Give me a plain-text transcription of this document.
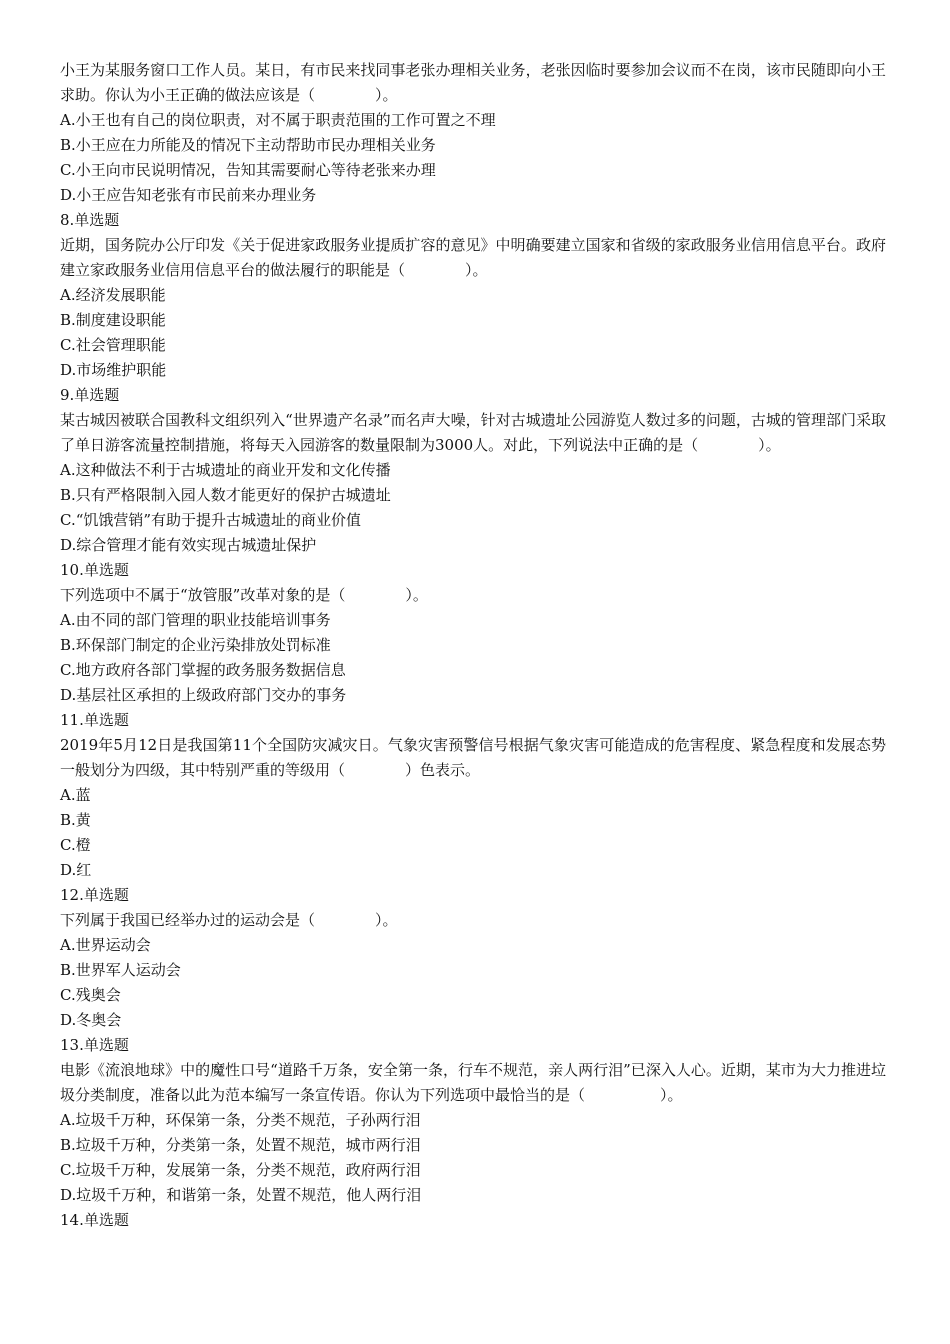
小王为某服务窗口工作人员。某日，有市民来找同事老张办理相关业务，老张因临时要参加会议而不在岗，该市民随即向小王求助。你认为小王正确的做法应该是（　　　　）。
A.小王也有自己的岗位职责，对不属于职责范围的工作可置之不理
B.小王应在力所能及的情况下主动帮助市民办理相关业务
C.小王向市民说明情况，告知其需要耐心等待老张来办理
D.小王应告知老张有市民前来办理业务
8.单选题
近期，国务院办公厅印发《关于促进家政服务业提质扩容的意见》中明确要建立国家和省级的家政服务业信用信息平台。政府建立家政服务业信用信息平台的做法履行的职能是（　　　　）。
A.经济发展职能
B.制度建设职能
C.社会管理职能
D.市场维护职能
9.单选题
某古城因被联合国教科文组织列入“世界遗产名录”而名声大噪，针对古城遗址公园游览人数过多的问题，古城的管理部门采取了单日游客流量控制措施，将每天入园游客的数量限制为3000人。对此，下列说法中正确的是（　　　　）。
A.这种做法不利于古城遗址的商业开发和文化传播
B.只有严格限制入园人数才能更好的保护古城遗址
C.“饥饿营销”有助于提升古城遗址的商业价值
D.综合管理才能有效实现古城遗址保护
10.单选题
下列选项中不属于“放管服”改革对象的是（　　　　）。
A.由不同的部门管理的职业技能培训事务
B.环保部门制定的企业污染排放处罚标准
C.地方政府各部门掌握的政务服务数据信息
D.基层社区承担的上级政府部门交办的事务
11.单选题
2019年5月12日是我国第11个全国防灾减灾日。气象灾害预警信号根据气象灾害可能造成的危害程度、紧急程度和发展态势一般划分为四级，其中特别严重的等级用（　　　　）色表示。
A.蓝
B.黄
C.橙
D.红
12.单选题
下列属于我国已经举办过的运动会是（　　　　）。
A.世界运动会
B.世界军人运动会
C.残奥会
D.冬奥会
13.单选题
电影《流浪地球》中的魔性口号“道路千万条，安全第一条，行车不规范，亲人两行泪”已深入人心。近期，某市为大力推进垃圾分类制度，准备以此为范本编写一条宣传语。你认为下列选项中最恰当的是（　　　　　）。
A.垃圾千万种，环保第一条，分类不规范，子孙两行泪
B.垃圾千万种，分类第一条，处置不规范，城市两行泪
C.垃圾千万种，发展第一条，分类不规范，政府两行泪
D.垃圾千万种，和谐第一条，处置不规范，他人两行泪
14.单选题
